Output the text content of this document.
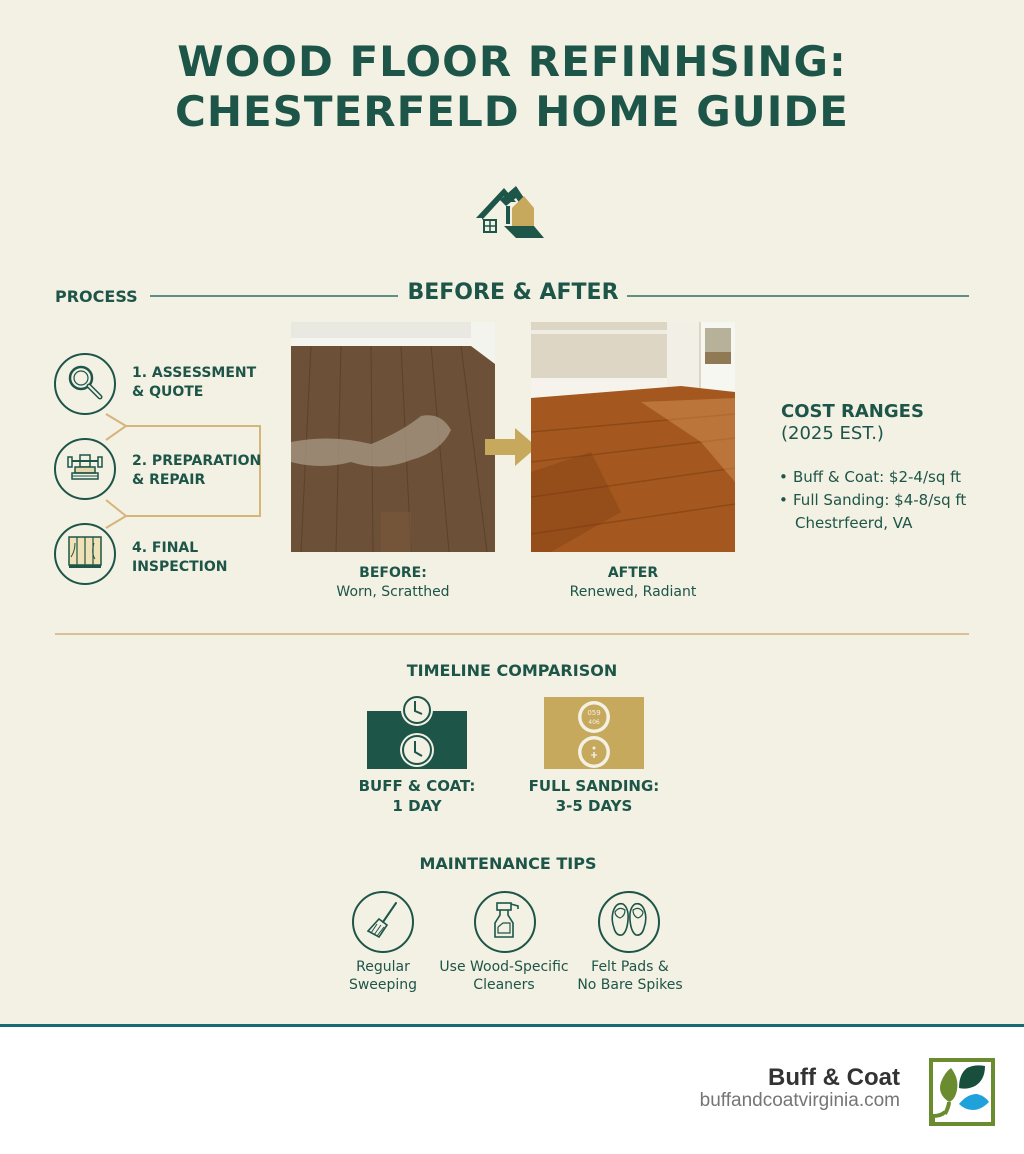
WOOD FLOOR REFINHSING:
CHESTERFELD HOME GUIDE
PROCESS	BEFORE & AFTER
1. ASSESSMENT
& QUOTE
2. PREPARATION
& REPAIR
4. FINAL
INSPECTION	BEFORE:
Worn, Scratthed
AFTER
Renewed, Radiant
COST RANGES
(2025 EST.)
• Buff & Coat: $2-4/sq ft
• Full Sanding: $4-8/sq ft
Chestrfeerd, VA
TIMELINE COMPARISON
059
406
BUFF & COAT:
1 DAY
FULL SANDING:
3-5 DAYS
MAINTENANCE TIPS
Regular
Sweeping
Use Wood-Specific
Cleaners
Felt Pads &
No Bare Spikes
Buff & Coat
buffandcoatvirginia.com
